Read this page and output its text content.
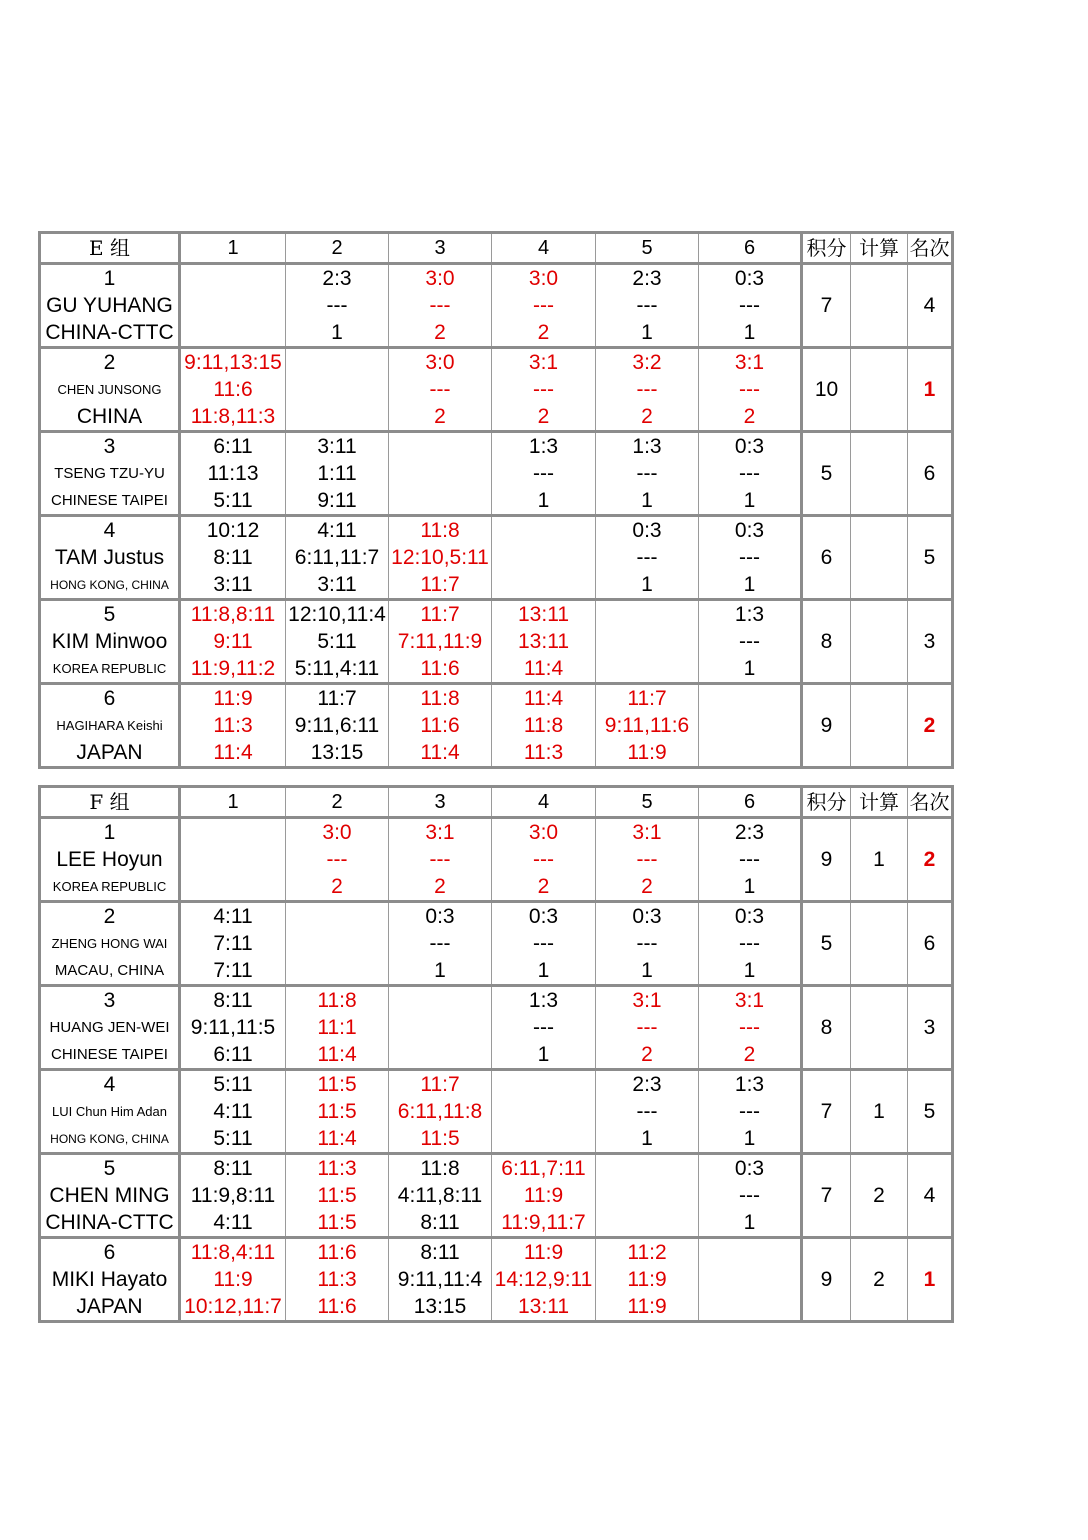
E 组	1	2	3	4	5	6	积分	计算	名次
1		2:3	3:0	3:0	2:3	0:3	7		4
GU YUHANG		---	---	---	---	---			
CHINA-CTTC		1	2	2	1	1			
2	9:11,13:15		3:0	3:1	3:2	3:1	10		1
CHEN JUNSONG	11:6		---	---	---	---			
CHINA	11:8,11:3		2	2	2	2			
3	6:11	3:11		1:3	1:3	0:3	5		6
TSENG TZU-YU	11:13	1:11		---	---	---			
CHINESE TAIPEI	5:11	9:11		1	1	1			
4	10:12	4:11	11:8		0:3	0:3	6		5
TAM Justus	8:11	6:11,11:7	12:10,5:11		---	---			
HONG KONG, CHINA	3:11	3:11	11:7		1	1			
5	11:8,8:11	12:10,11:4	11:7	13:11		1:3	8		3
KIM Minwoo	9:11	5:11	7:11,11:9	13:11		---			
KOREA REPUBLIC	11:9,11:2	5:11,4:11	11:6	11:4		1			
6	11:9	11:7	11:8	11:4	11:7		9		2
HAGIHARA Keishi	11:3	9:11,6:11	11:6	11:8	9:11,11:6				
JAPAN	11:4	13:15	11:4	11:3	11:9				
F 组	1	2	3	4	5	6	积分	计算	名次
1		3:0	3:1	3:0	3:1	2:3	9	1	2
LEE Hoyun		---	---	---	---	---			
KOREA REPUBLIC		2	2	2	2	1			
2	4:11		0:3	0:3	0:3	0:3	5		6
ZHENG HONG WAI	7:11		---	---	---	---			
MACAU, CHINA	7:11		1	1	1	1			
3	8:11	11:8		1:3	3:1	3:1	8		3
HUANG JEN-WEI	9:11,11:5	11:1		---	---	---			
CHINESE TAIPEI	6:11	11:4		1	2	2			
4	5:11	11:5	11:7		2:3	1:3	7	1	5
LUI Chun Him Adan	4:11	11:5	6:11,11:8		---	---			
HONG KONG, CHINA	5:11	11:4	11:5		1	1			
5	8:11	11:3	11:8	6:11,7:11		0:3	7	2	4
CHEN MING	11:9,8:11	11:5	4:11,8:11	11:9		---			
CHINA-CTTC	4:11	11:5	8:11	11:9,11:7		1			
6	11:8,4:11	11:6	8:11	11:9	11:2		9	2	1
MIKI Hayato	11:9	11:3	9:11,11:4	14:12,9:11	11:9				
JAPAN	10:12,11:7	11:6	13:15	13:11	11:9				
